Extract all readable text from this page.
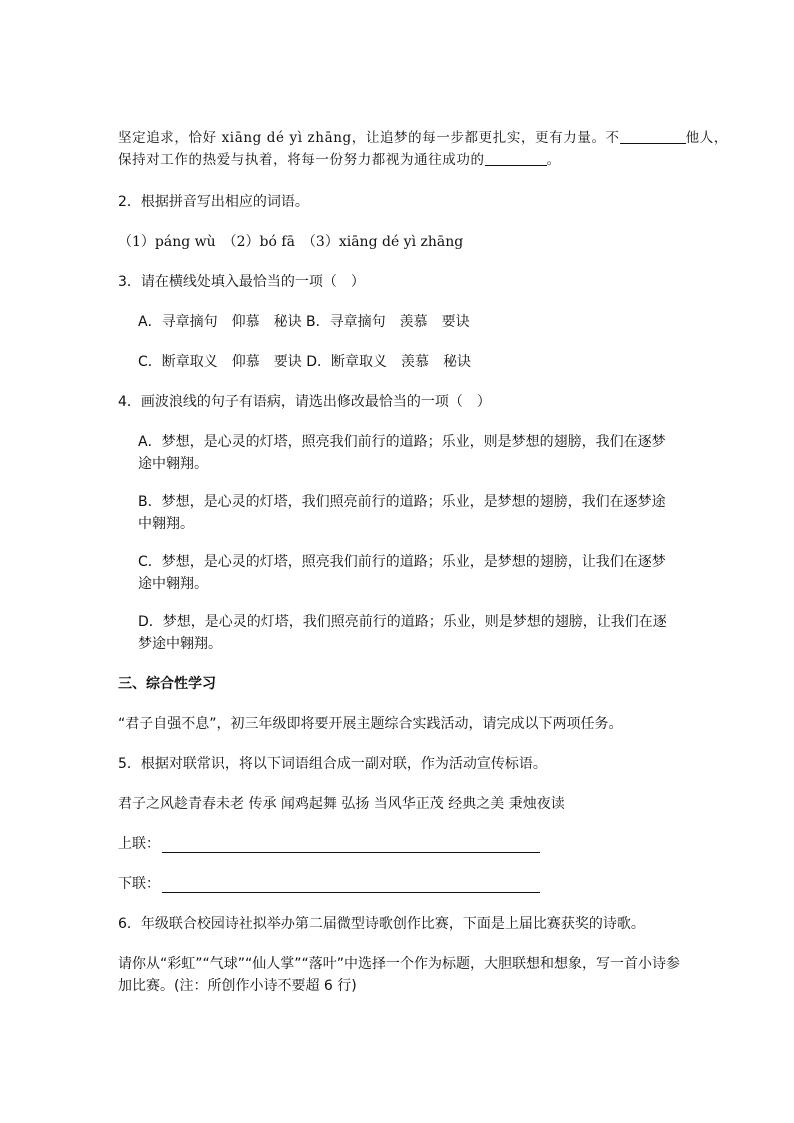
坚定追求，恰好 xiāng dé yì zhāng，让追梦的每一步都更扎实，更有力量。不	他人，
保持对工作的热爱与执着，将每一份努力都视为通往成功的	。
2．根据拼音写出相应的词语。
（1）páng wù　（2）bó fā　（3）xiāng dé yì zhāng
3．请在横线处填入最恰当的一项（　）
A．寻章摘句　仰慕　秘诀 B．寻章摘句　羡慕　要诀
C．断章取义　仰慕　要诀 D．断章取义　羡慕　秘诀
4．画波浪线的句子有语病，请选出修改最恰当的一项（　）
A．梦想，是心灵的灯塔，照亮我们前行的道路；乐业，则是梦想的翅膀，我们在逐梦
途中翱翔。
B．梦想，是心灵的灯塔，我们照亮前行的道路；乐业，是梦想的翅膀，我们在逐梦途
中翱翔。
C．梦想，是心灵的灯塔，照亮我们前行的道路；乐业，是梦想的翅膀，让我们在逐梦
途中翱翔。
D．梦想，是心灵的灯塔，我们照亮前行的道路；乐业，则是梦想的翅膀，让我们在逐
梦途中翱翔。
三、综合性学习
“君子自强不息”，初三年级即将要开展主题综合实践活动，请完成以下两项任务。
5．根据对联常识，将以下词语组合成一副对联，作为活动宣传标语。
君子之风趁青春未老 传承 闻鸡起舞 弘扬 当风华正茂 经典之美 秉烛夜读
上联：
下联：
6．年级联合校园诗社拟举办第二届微型诗歌创作比赛，下面是上届比赛获奖的诗歌。
请你从“彩虹”“气球”“仙人掌”“落叶”中选择一个作为标题，大胆联想和想象，写一首小诗参
加比赛。(注：所创作小诗不要超 6 行)
